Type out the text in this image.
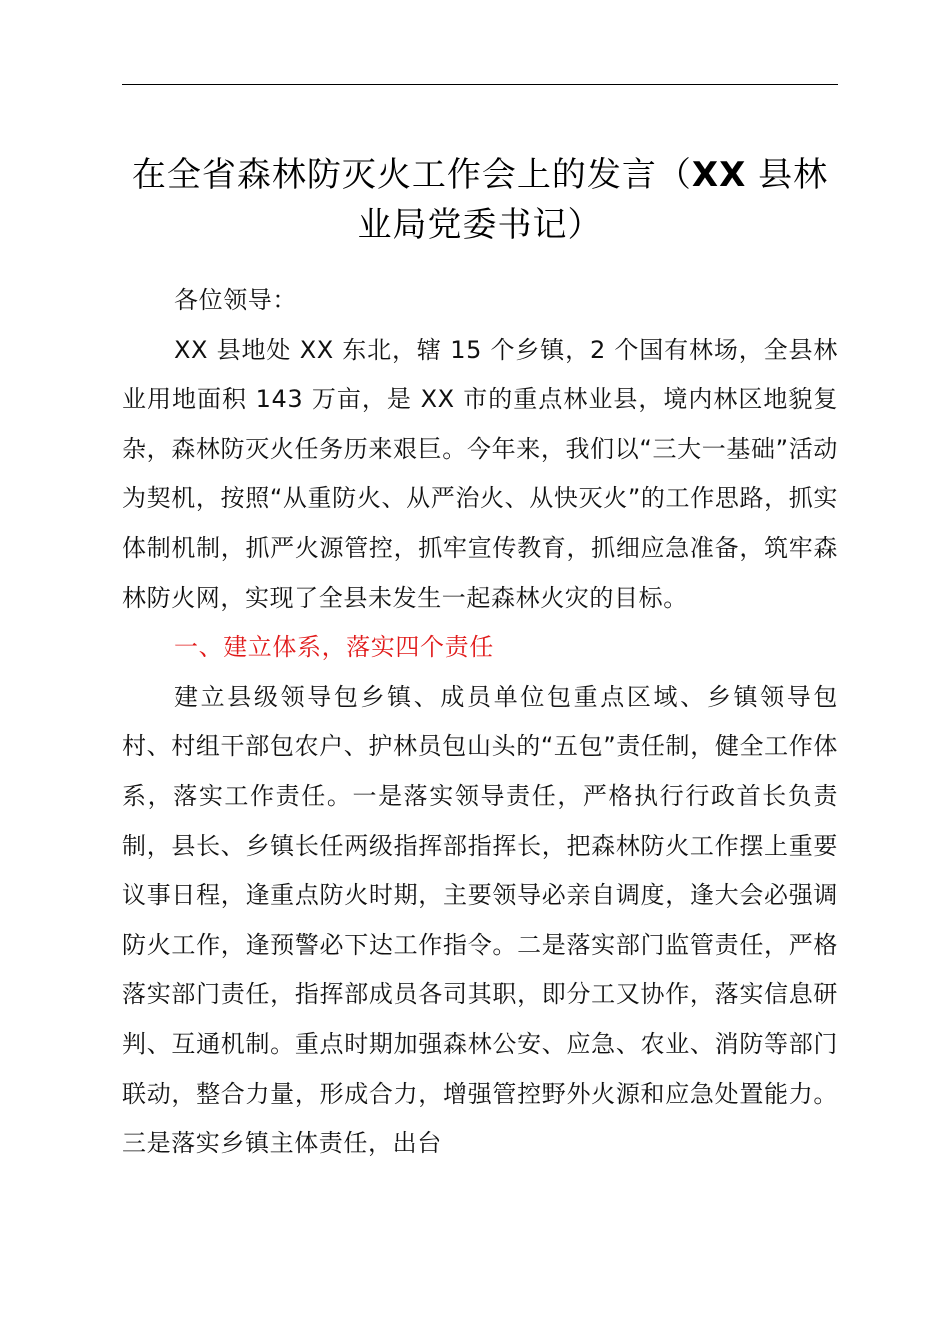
在全省森林防灭火工作会上的发言（XX 县林
业局党委书记）

各位领导：

XX 县地处 XX 东北，辖 15 个乡镇，2 个国有林场，全县林业用地面积 143 万亩，是 XX 市的重点林业县，境内林区地貌复杂，森林防灭火任务历来艰巨。今年来，我们以“三大一基础”活动为契机，按照“从重防火、从严治火、从快灭火”的工作思路，抓实体制机制，抓严火源管控，抓牢宣传教育，抓细应急准备，筑牢森林防火网，实现了全县未发生一起森林火灾的目标。

一、建立体系，落实四个责任

建立县级领导包乡镇、成员单位包重点区域、乡镇领导包村、村组干部包农户、护林员包山头的“五包”责任制，健全工作体系，落实工作责任。一是落实领导责任，严格执行行政首长负责制，县长、乡镇长任两级指挥部指挥长，把森林防火工作摆上重要议事日程，逢重点防火时期，主要领导必亲自调度，逢大会必强调防火工作，逢预警必下达工作指令。二是落实部门监管责任，严格落实部门责任，指挥部成员各司其职，即分工又协作，落实信息研判、互通机制。重点时期加强森林公安、应急、农业、消防等部门联动，整合力量，形成合力，增强管控野外火源和应急处置能力。三是落实乡镇主体责任，出台
